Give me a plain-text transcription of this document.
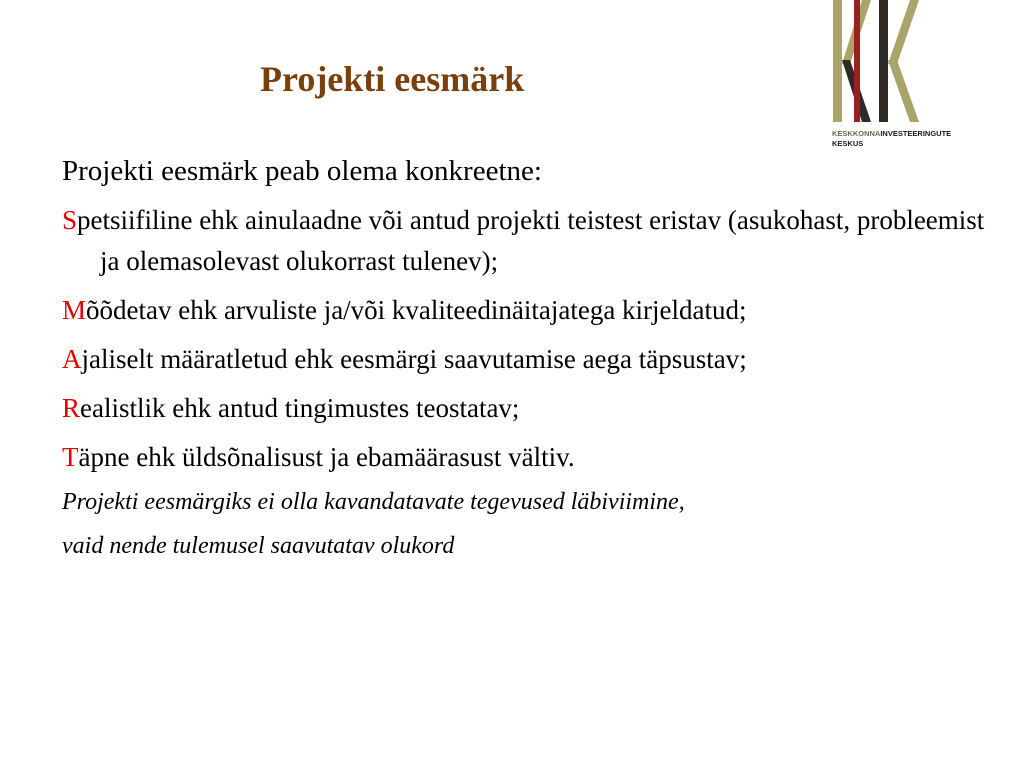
Projekti eesmärk
KESKKONNAINVESTEERINGUTE
KESKUS
Projekti eesmärk peab olema konkreetne:
Spetsiifiline ehk ainulaadne või antud projekti teistest eristav (asukohast, probleemist ja olemasolevast olukorrast tulenev);
Mõõdetav ehk arvuliste ja/või kvaliteedinäitajatega kirjeldatud;
Ajaliselt määratletud ehk eesmärgi saavutamise aega täpsustav;
Realistlik ehk antud tingimustes teostatav;
Täpne ehk üldsõnalisust ja ebamäärasust vältiv.
Projekti eesmärgiks ei olla kavandatavate tegevused läbiviimine,
vaid nende tulemusel saavutatav olukord
